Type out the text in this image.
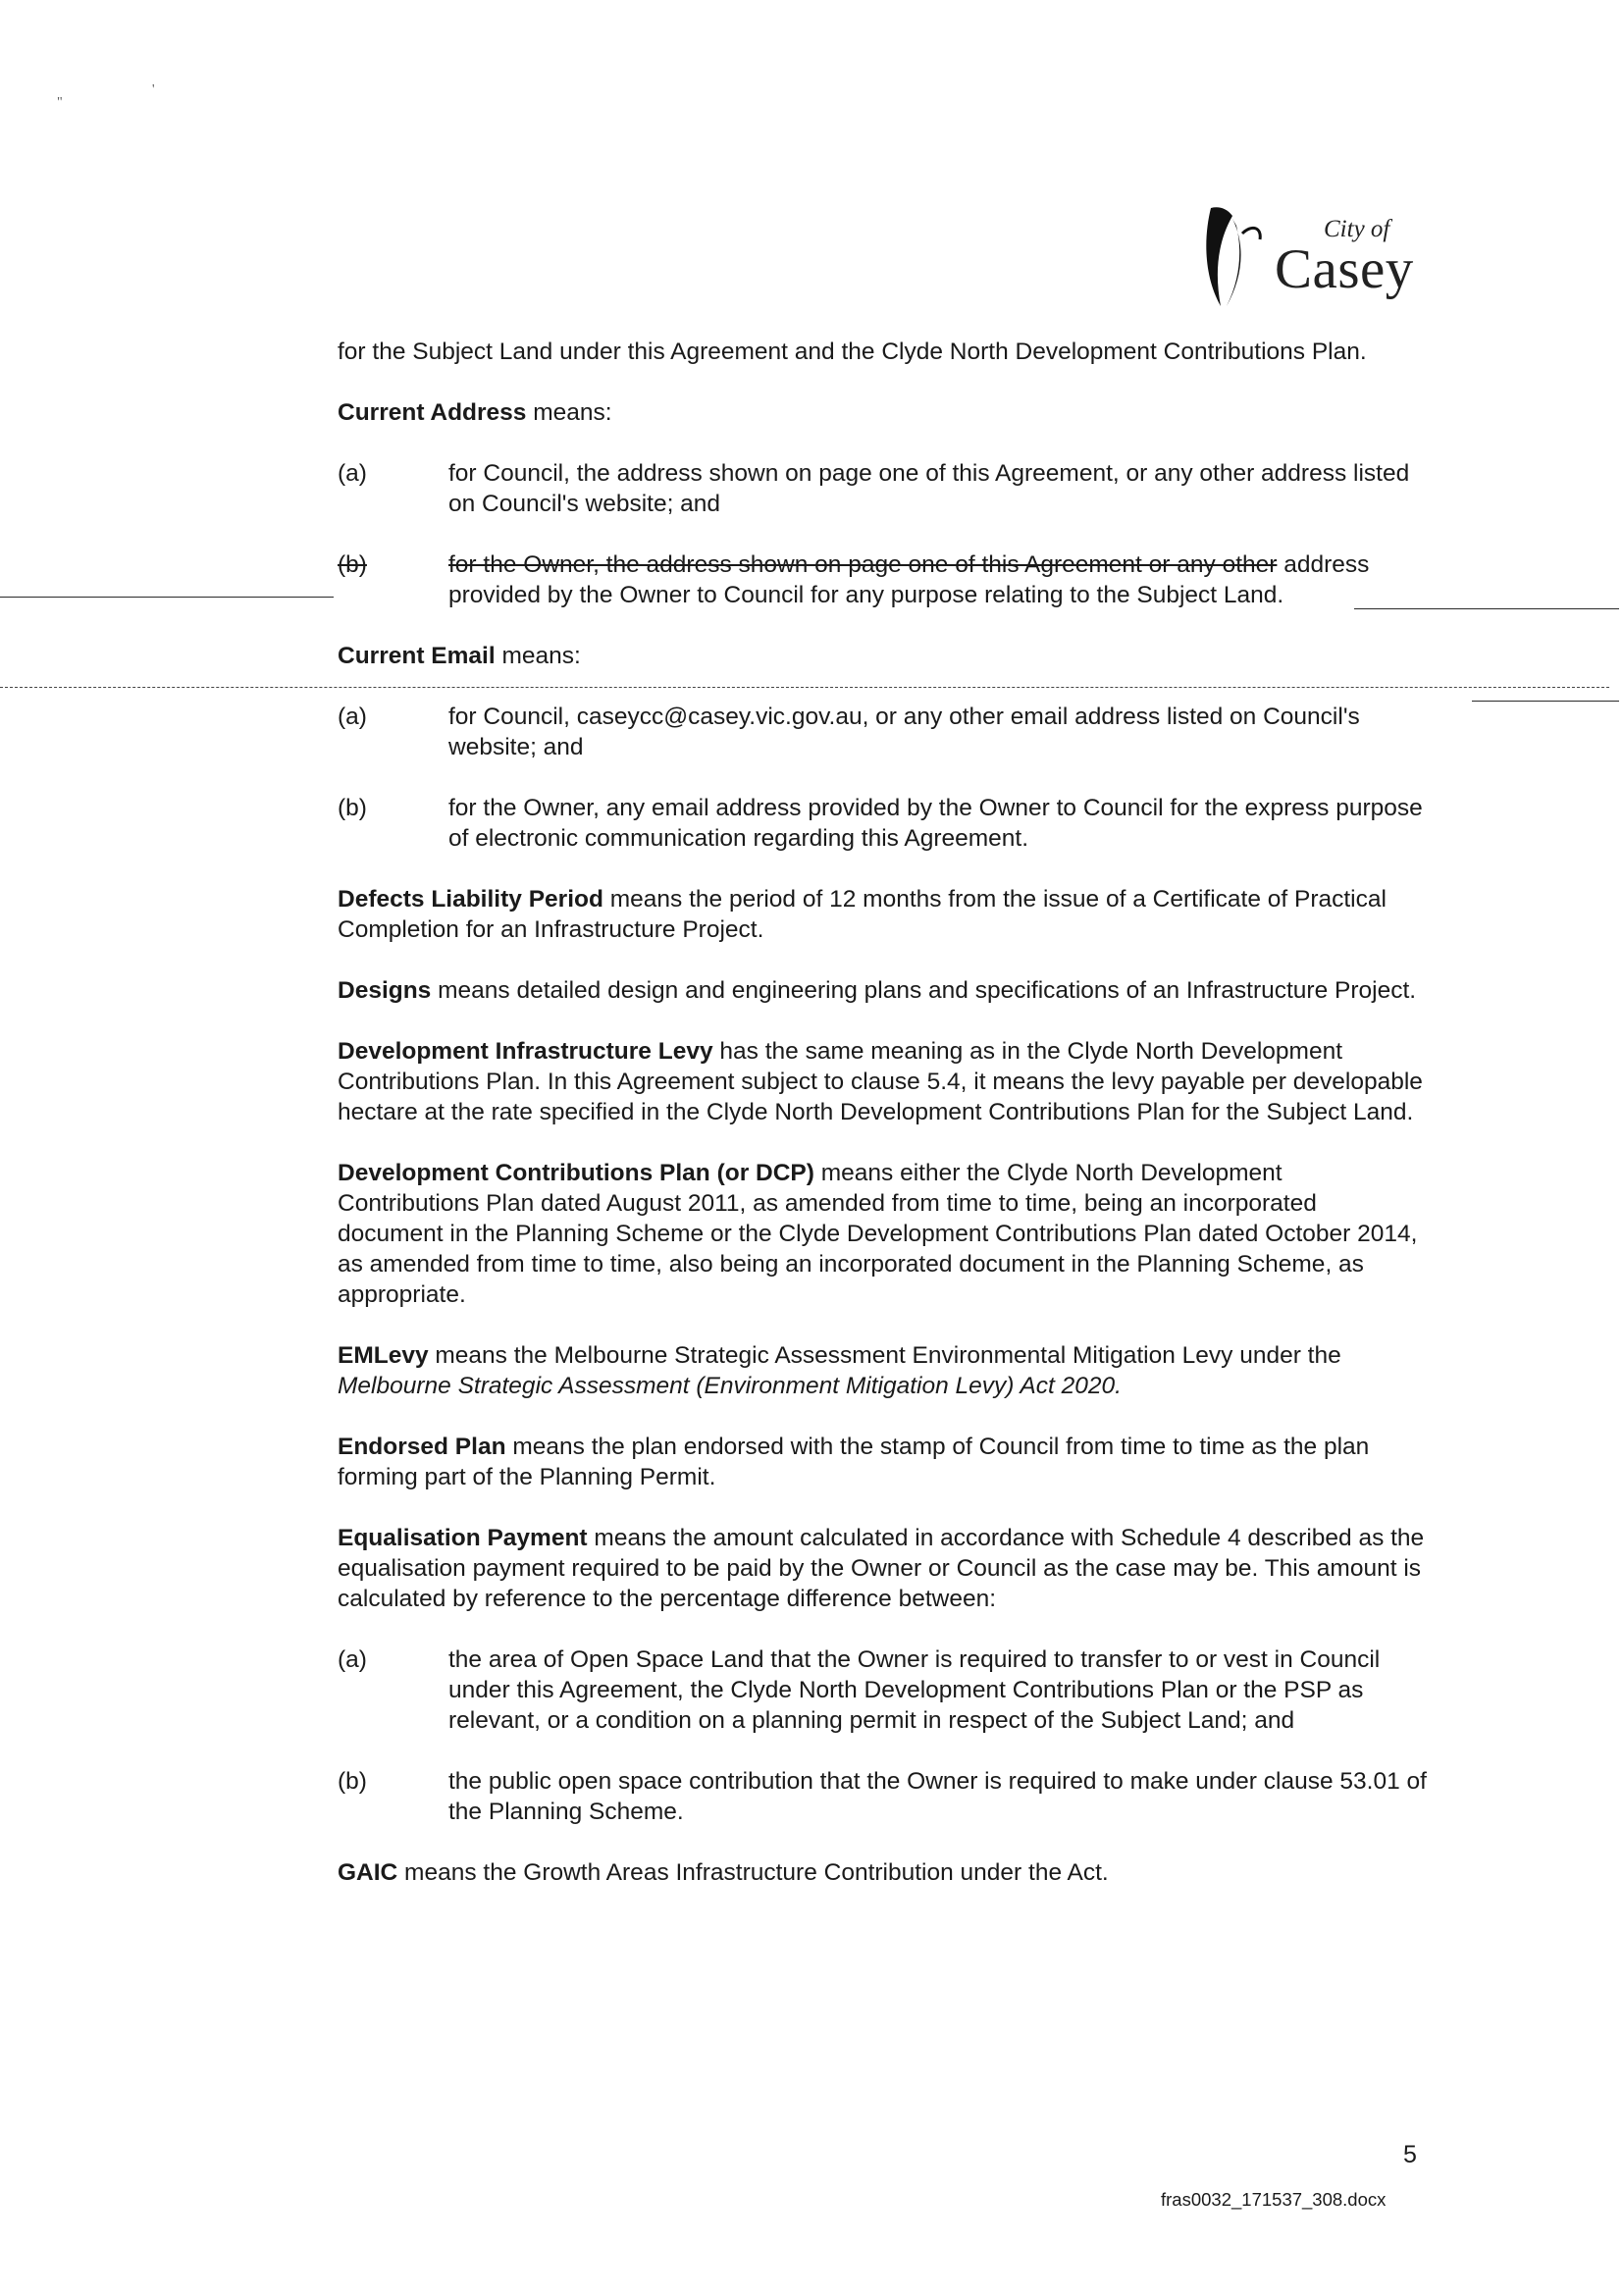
"
'
City of
Casey

for the Subject Land under this Agreement and the Clyde North Development Contributions Plan.

Current Address means:

(a)	for Council, the address shown on page one of this Agreement, or any other address listed on Council's website; and
(b)	for the Owner, the address shown on page one of this Agreement or any other address provided by the Owner to Council for any purpose relating to the Subject Land.

Current Email means:

(a)	for Council, caseycc@casey.vic.gov.au, or any other email address listed on Council's website; and
(b)	for the Owner, any email address provided by the Owner to Council for the express purpose of electronic communication regarding this Agreement.

Defects Liability Period means the period of 12 months from the issue of a Certificate of Practical Completion for an Infrastructure Project.

Designs means detailed design and engineering plans and specifications of an Infrastructure Project.

Development Infrastructure Levy has the same meaning as in the Clyde North Development Contributions Plan. In this Agreement subject to clause 5.4, it means the levy payable per developable hectare at the rate specified in the Clyde North Development Contributions Plan for the Subject Land.

Development Contributions Plan (or DCP) means either the Clyde North Development Contributions Plan dated August 2011, as amended from time to time, being an incorporated document in the Planning Scheme or the Clyde Development Contributions Plan dated October 2014, as amended from time to time, also being an incorporated document in the Planning Scheme, as appropriate.

EMLevy means the Melbourne Strategic Assessment Environmental Mitigation Levy under the Melbourne Strategic Assessment (Environment Mitigation Levy) Act 2020.

Endorsed Plan means the plan endorsed with the stamp of Council from time to time as the plan forming part of the Planning Permit.

Equalisation Payment means the amount calculated in accordance with Schedule 4 described as the equalisation payment required to be paid by the Owner or Council as the case may be. This amount is calculated by reference to the percentage difference between:

(a)	the area of Open Space Land that the Owner is required to transfer to or vest in Council under this Agreement, the Clyde North Development Contributions Plan or the PSP as relevant, or a condition on a planning permit in respect of the Subject Land; and
(b)	the public open space contribution that the Owner is required to make under clause 53.01 of the Planning Scheme.

GAIC means the Growth Areas Infrastructure Contribution under the Act.

5
fras0032_171537_308.docx
